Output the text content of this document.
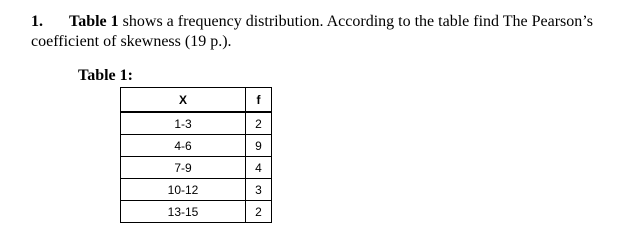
1. Table 1 shows a frequency distribution. According to the table find The Pearson’s
coefficient of skewness (19 p.).
Table 1:
X	f
1-3	2
4-6	9
7-9	4
10-12	3
13-15	2
